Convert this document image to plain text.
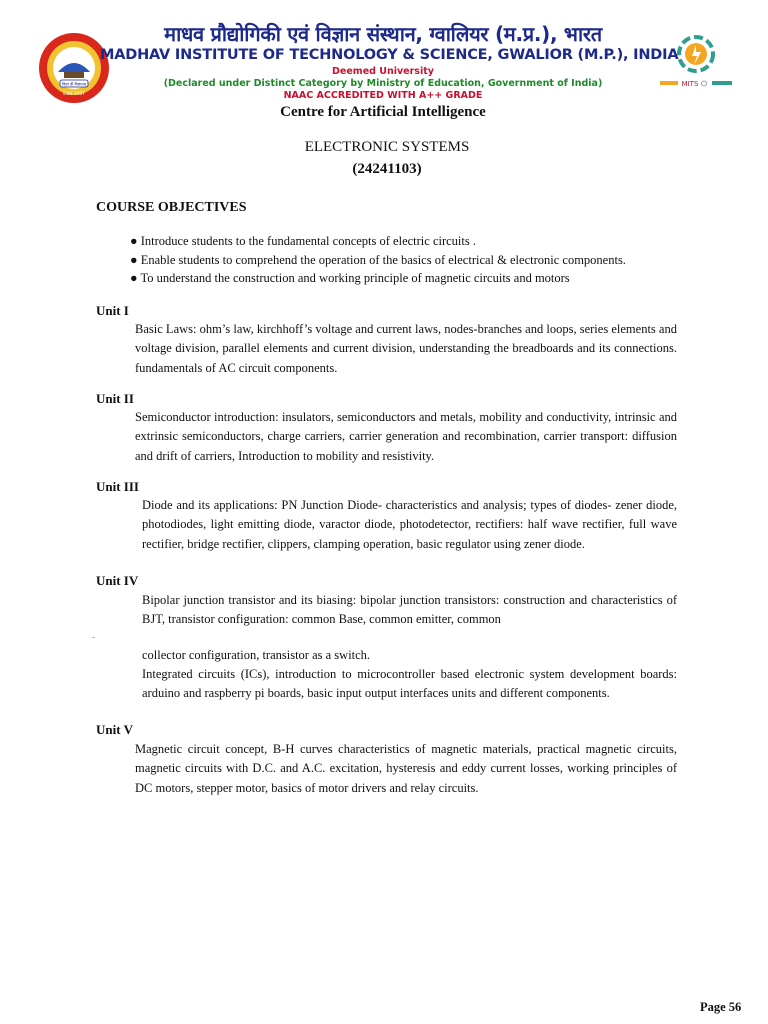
विद्या ही विज्ञानम्
Estd. 1957
MITS
माधव प्रौद्योगिकी एवं विज्ञान संस्थान, ग्वालियर (म.प्र.), भारत
MADHAV INSTITUTE OF TECHNOLOGY & SCIENCE, GWALIOR (M.P.), INDIA
Deemed University
(Declared under Distinct Category by Ministry of Education, Government of India)
NAAC ACCREDITED WITH A++ GRADE
Centre for Artificial Intelligence
ELECTRONIC SYSTEMS
(24241103)
COURSE OBJECTIVES
● Introduce students to the fundamental concepts of electric circuits .
● Enable students to comprehend the operation of the basics of electrical & electronic components.
● To understand the construction and working principle of magnetic circuits and motors
Unit I
Basic Laws: ohm’s law, kirchhoff’s voltage and current laws, nodes-branches and loops, series elements and voltage division, parallel elements and current division, understanding the breadboards and its connections. fundamentals of AC circuit components.
Unit II
Semiconductor introduction: insulators, semiconductors and metals, mobility and conductivity, intrinsic and extrinsic semiconductors, charge carriers, carrier generation and recombination, carrier transport: diffusion and drift of carriers, Introduction to mobility and resistivity.
Unit III
Diode and its applications: PN Junction Diode- characteristics and analysis; types of diodes- zener diode, photodiodes, light emitting diode, varactor diode, photodetector, rectifiers: half wave rectifier, full wave rectifier, bridge rectifier, clippers, clamping operation, basic regulator using zener diode.
Unit IV
Bipolar junction transistor and its biasing: bipolar junction transistors: construction and characteristics of BJT, transistor configuration: common Base, common emitter, common
-
collector configuration, transistor as a switch.
Integrated circuits (ICs), introduction to microcontroller based electronic system development boards: arduino and raspberry pi boards, basic input output interfaces units and different components.
Unit V
Magnetic circuit concept, B-H curves characteristics of magnetic materials, practical magnetic circuits, magnetic circuits with D.C. and A.C. excitation, hysteresis and eddy current losses, working principles of DC motors, stepper motor, basics of motor drivers and relay circuits.
Page 56
